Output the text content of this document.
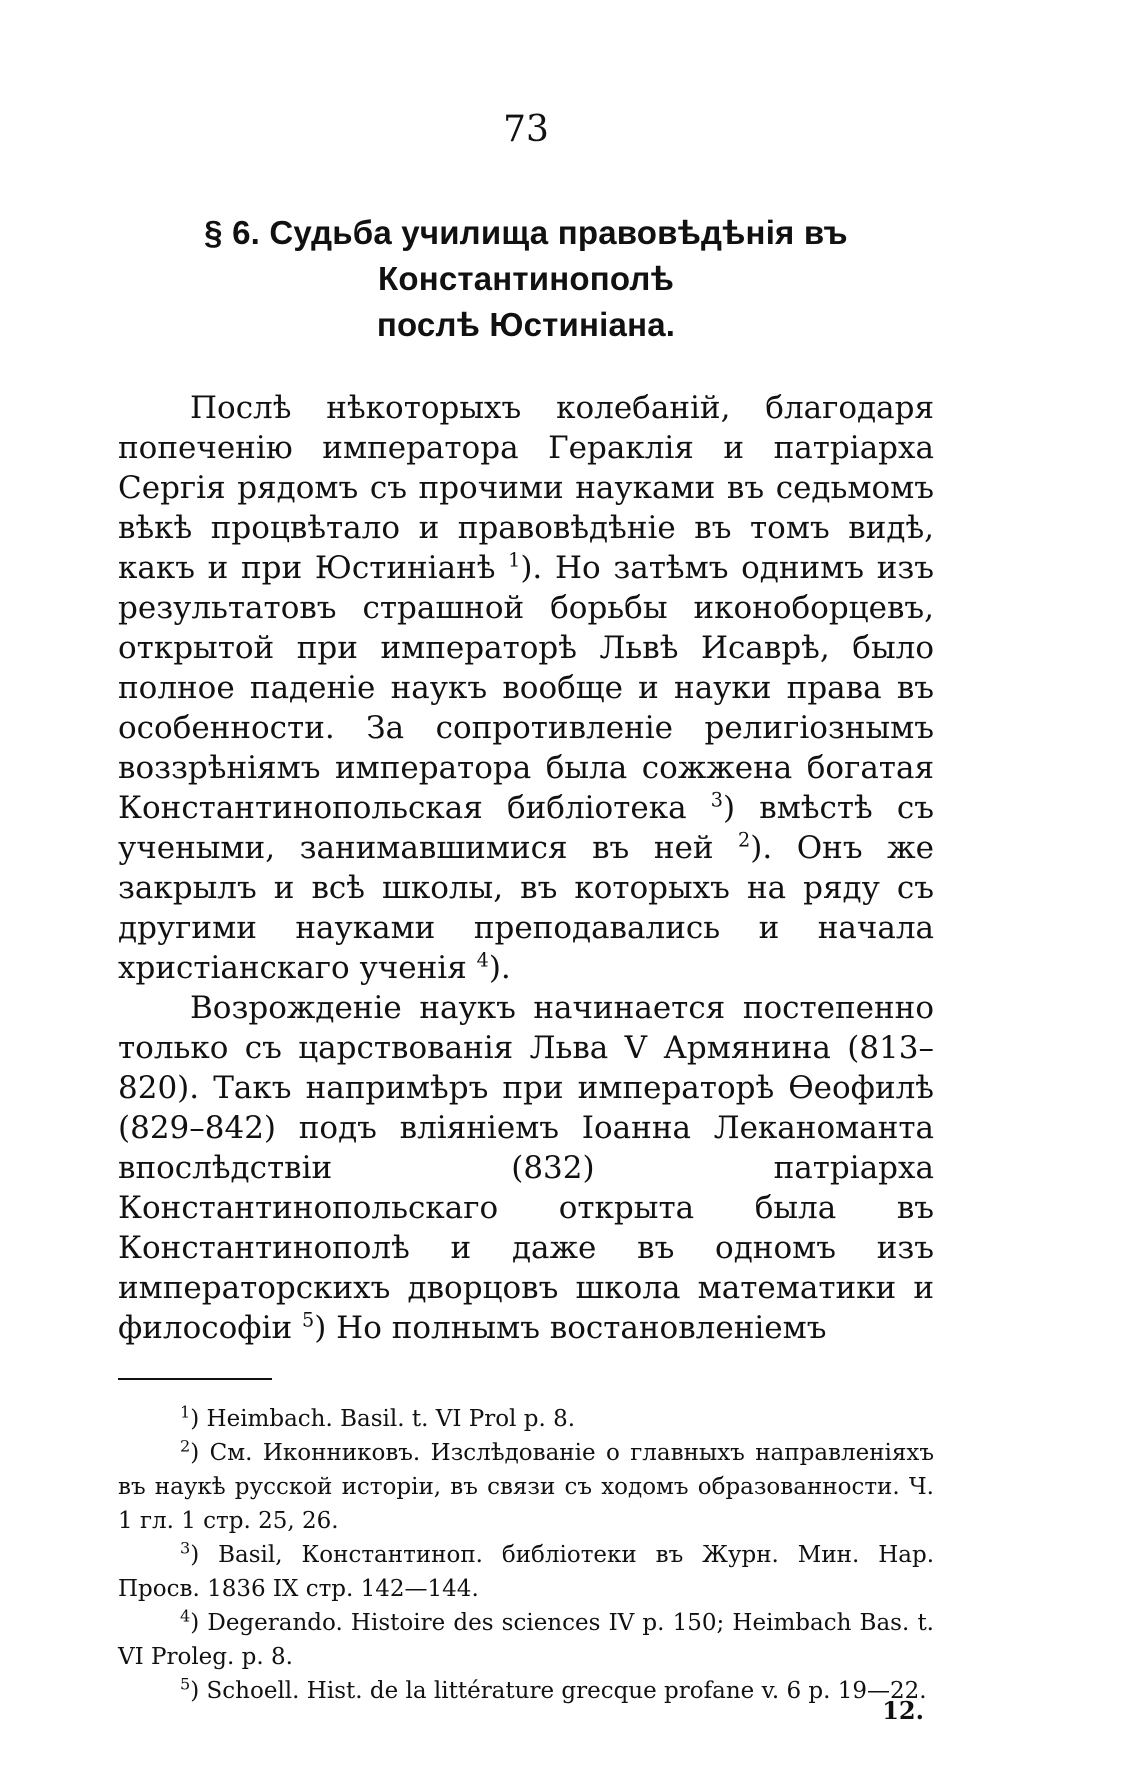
73
§ 6. Судьба училища правовѣдѣнія въ Константинополѣ
послѣ Юстиніана.

Послѣ нѣкоторыхъ колебаній, благодаря попеченію императора Гераклія и патріарха Сергія рядомъ съ прочими науками въ седьмомъ вѣкѣ процвѣтало и правовѣдѣніе въ томъ видѣ, какъ и при Юстиніанѣ $^1$). Но затѣмъ однимъ изъ результатовъ страшной борьбы иконоборцевъ, открытой при императорѣ Львѣ Исаврѣ, было полное паденіе наукъ вообще и науки права въ особенности. За сопротивленіе религіознымъ воззрѣніямъ императора была сожжена богатая Константинопольская библіотека $^3$) вмѣстѣ съ учеными, занимавшимися въ ней $^2$). Онъ же закрылъ и всѣ школы, въ которыхъ на ряду съ другими науками преподавались и начала христіанскаго ученія $^4$).

Возрожденіе наукъ начинается постепенно только съ царствованія Льва V Армянина (813–820). Такъ напримѣръ при императорѣ Ѳеофилѣ (829–842) подъ вліяніемъ Іоанна Леканоманта впослѣдствіи (832) патріарха Константинопольскаго открыта была въ Константинополѣ и даже въ одномъ изъ императорскихъ дворцовъ школа математики и философіи $^5$) Но полнымъ востановленіемъ

$^1$) Heimbach. Basil. t. VI Prol p. 8.

$^2$) См. Иконниковъ. Изслѣдованіе о главныхъ направленіяхъ въ наукѣ русской исторіи, въ связи съ ходомъ образованности. Ч. 1 гл. 1 стр. 25, 26.

$^3$) Basil, Константиноп. библіотеки въ Журн. Мин. Нар. Просв. 1836 IX стр. 142—144.

$^4$) Degerando. Histoire des sciences IV p. 150; Heimbach Bas. t. VI Proleg. p. 8.

$^5$) Schoell. Hist. de la littérature grecque profane v. 6 p. 19—22.

12.
